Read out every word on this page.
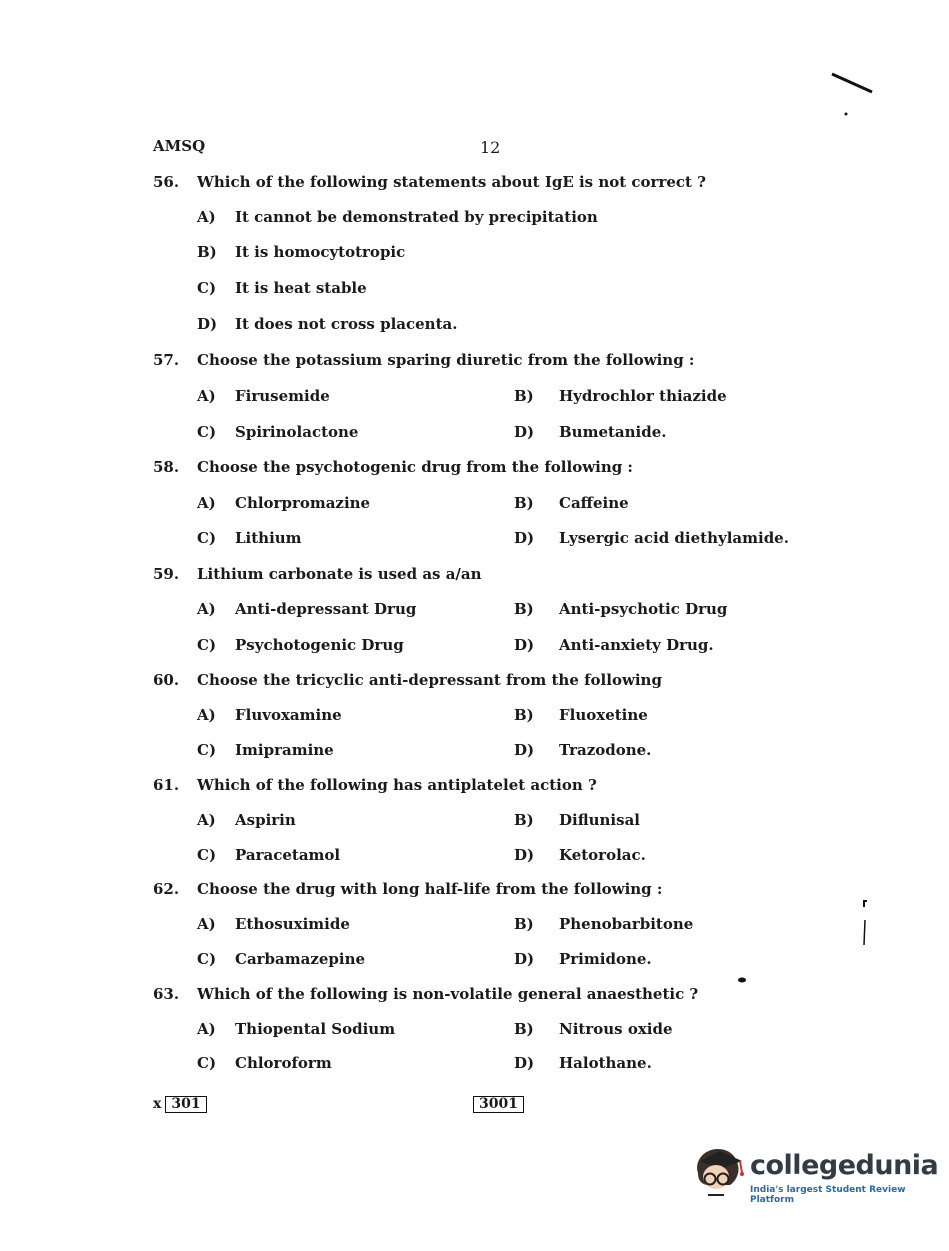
AMSQ	12
56. Which of the following statements about IgE is not correct ?
A) It cannot be demonstrated by precipitation
B) It is homocytotropic
C) It is heat stable
D) It does not cross placenta.
57. Choose the potassium sparing diuretic from the following :
A) Firusemide	B) Hydrochlor thiazide
C) Spirinolactone	D) Bumetanide.
58. Choose the psychotogenic drug from the following :
A) Chlorpromazine	B) Caffeine
C) Lithium	D) Lysergic acid diethylamide.
59. Lithium carbonate is used as a/an
A) Anti-depressant Drug	B) Anti-psychotic Drug
C) Psychotogenic Drug	D) Anti-anxiety Drug.
60. Choose the tricyclic anti-depressant from the following
A) Fluvoxamine	B) Fluoxetine
C) Imipramine	D) Trazodone.
61. Which of the following has antiplatelet action ?
A) Aspirin	B) Diflunisal
C) Paracetamol	D) Ketorolac.
62. Choose the drug with long half-life from the following :
A) Ethosuximide	B) Phenobarbitone
C) Carbamazepine	D) Primidone.
63. Which of the following is non-volatile general anaesthetic ?
A) Thiopental Sodium	B) Nitrous oxide
C) Chloroform	D) Halothane.
x 301	3001
collegedunia
India's largest Student Review Platform
